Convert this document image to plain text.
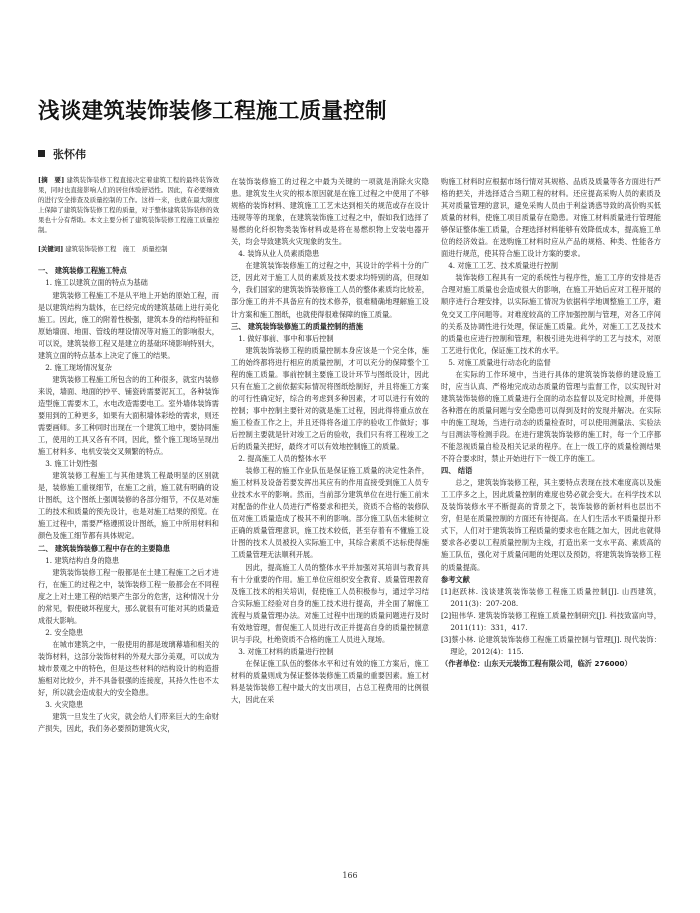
浅谈建筑装饰装修工程施工质量控制
张怀伟

[摘　要] 建筑装饰装修工程直接决定着建筑工程的最终装饰效果，同时也直接影响人们的居住体验舒适性。因此，有必要细致的进行安全排查及质量控制的工作。这样一来，也就在最大限度上保障了建筑装饰装修工程的质量，对于整体建筑装饰装修的效果也十分有帮助。本文主要分析了建筑装饰装修工程施工质量控制。

[关键词] 建筑装饰装修工程　施工　质量控制

一、 建筑装修工程施工特点

1. 施工以建筑立面的特点为基础

建筑装修工程施工不是从平地上开始的原始工程，而是以建筑结构为载体，在已经完成的建筑基础上进行美化施工。因此，施工的附着性极强，建筑本身的结构特征和原始墙面、地面、管线的埋设情况等对施工的影响很大，可以说，建筑装修工程又是建立的基础环境影响特别大，建筑立面的特点基本上决定了施工的结果。

2. 施工现场情况复杂

建筑装修工程施工所包含的的工种很多，就室内装修来说，墙面、地面的抄平、铺瓷砖需要泥瓦工，各种装饰造型施工需要木工，水电改造需要电工。室外墙体装饰需要用到的工种更多，如果有大面积墙体彩绘的需求，则还需要画师。多工种同时出现在一个建筑工地中，要协同施工，使用的工具又各有不同，因此，整个施工现场呈现出施工材料多、电机安装交叉频繁的特点。

3. 施工计划性强

建筑装修工程施工与其他建筑工程最明显的区别就是，装修施工重视细节，在施工之前，施工就有明确的设计图纸，这个图纸上强调装修的各部分细节，不仅是对施工的技术和质量的预先设计，也是对施工结果的预览。在施工过程中，需要严格遵照设计图纸，施工中所用材料和颜色及施工细节都有具体规定。

二、 建筑装饰装修工程中存在的主要隐患

1. 建筑结构自身的隐患

建筑装饰装修工程一般都是在土建工程施工之后才进行，在施工的过程之中，装饰装修工程一般都会在不同程度之上对土建工程的结果产生部分的危害，这种情况十分的常见，假使破坏程度大，那么就很有可能对其的质量造成很大影响。

2. 安全隐患

在城市建筑之中，一般使用的都是玻璃幕墙和相关的装饰材料，这部分装饰材料的外观大部分美观，可以成为城市景观之中的特色，但是这些材料的结构设计的构造措施相对比较少，并不具备很强的连接度，其持久性也不太好，所以就会造成很大的安全隐患。

3. 火灾隐患

建筑一旦发生了火灾，就会给人们带来巨大的生命财产损失，因此，我们务必要预防建筑火灾，

在装饰装修施工的过程之中最为关键的一项就是消除火灾隐患。建筑发生火灾的根本原因就是在施工过程之中使用了不够规格的装饰材料、建筑施工工艺未达到相关的规范或存在设计违规等等的现象，在建筑装饰施工过程之中，假如我们选择了易燃的化纤织物类装饰材料或是将在易燃织物上安装电器开关，均会导致建筑火灾现象的发生。

4. 装饰从业人员素质隐患

在建筑装饰装修施工的过程之中，其设计的学科十分的广泛，因此对于施工人员的素质及技术要求均特别的高，但现如今，我们国家的建筑装饰装修施工人员的整体素质均比较差，部分施工的并不具备应有的技术修养，很难精确地理解施工设计方案和施工图纸，也就使得很难保障的施工质量。

三、 建筑装饰装修施工的质量控制的措施

1. 做好事前、事中和事后控制

建筑装饰装修工程的质量控制本身应该是一个完全体，施工的始终都将进行相应的质量控制，才可以充分的保障整个工程的施工质量。事前控制主要施工设计环节与图纸设计，因此只有在施工之前依据实际情况将图纸绘制好，并且将施工方案的可行性确定好，综合的考虑到多种因素，才可以进行有效的控制；事中控制主要针对的就是施工过程，因此得将重点放在施工检查工作之上，并且还得将各道工序的验收工作做好；事后控制主要就是针对竣工之后的验收，我们只有将工程竣工之后的质量关把好，最终才可以有效地控制施工的质量。

2. 提高施工人员的整体水平

装修工程的施工作业队伍是保证施工质量的决定性条件，施工材料及设备若要发挥出其应有的作用直接受到施工人员专业技术水平的影响。然而，当前部分建筑单位在进行施工前未对配备的作业人员进行严格要求和把关，资质不合格的装修队伍对施工质量造成了极其不利的影响。部分施工队伍未能树立正确的质量管理意识，施工技术较低，甚至存着有不懂施工设计图的技术人员被投入实际施工中，其综合素质不达标使得施工质量管理无法顺利开展。

因此，提高施工人员的整体水平并加强对其培训与教育具有十分重要的作用。施工单位应组织安全教育、质量管理教育及施工技术的相关培训，促使施工人员积极参与，通过学习结合实际施工经验对自身的施工技术进行提高，并全面了解施工流程与质量管理办法。对施工过程中出现的质量问题进行及时有效地管理，督促施工人员进行改正并提高自身的质量控制意识与手段，杜绝资质不合格的施工人员进入现场。

3. 对施工材料的质量进行控制

在保证施工队伍的整体水平和过有效的施工方案后，施工材料的质量则成为保证整体装修施工质量的重要因素。施工材料是装饰装修工程中最大的支出项目，占总工程费用的比例很大，因此在采

购施工材料时应根据市场行情对其规格、品质及质量等各方面进行严格的把关，并选择适合当期工程的材料。还应提高采购人员的素质及其对质量管理的意识，避免采购人员由于利益诱惑导致的高价购买低质量的材料，使施工项目质量存在隐患。对施工材料质量进行管理能够保证整体施工质量，合理选择材料能够有效降低成本，提高施工单位的经济效益。在选购施工材料时应从产品的规格、种类、性能各方面进行规范，使其符合施工设计方案的要求。

4. 对施工工艺、技术质量进行控制

装饰装修工程具有一定的系统性与程序性，施工工序的安排是否合理对施工质量也会造成很大的影响，在施工开始后应对工程开展的顺序进行合理安排，以实际施工情况为依据科学地调整施工工序，避免交叉工序问题等。对难度较高的工序加强控制与管理，对各工序间的关系及协调性进行处理，保证施工质量。此外，对施工工艺及技术的质量也应进行控制和管理，积极引进先进科学的工艺与技术，对原工艺进行优化，保证施工技术的水平。

5. 对施工质量进行动态化的监督

在实际的工作环境中，当进行具体的建筑装饰装修的建设施工时，应当认真、严格地完成动态质量的管理与监督工作，以实现针对建筑装饰装修的施工质量进行全面的动态监督以及定时检测，并使得各种潜在的质量问题与安全隐患可以得到及时的发现并解决。在实际中的施工现场，当进行动态的质量检查时，可以使用测量法、实验法与目测法等检测手段。在进行建筑装饰装修的施工时，每一个工序都不能忽视质量自检及相关记录的程序。在上一级工序的质量检测结果不符合要求时，禁止开始进行下一级工序的施工。

四、 结语

总之，建筑装饰装修工程，其主要特点表现在技术难度高以及施工工序多之上，因此质量控制的难度也势必就会变大。在科学技术以及装饰装修水平不断提高的背景之下，装饰装修的新材料也层出不穷，但是在质量控制的方面还有待提高。在人们生活水平质量提升形式下，人们对于建筑装饰工程质量的要求也在随之加大，因此也就得要求各必要以工程质量控制为主线，打造出来一支水平高、素质高的施工队伍，强化对于质量问题的处理以及预防，将建筑装饰装修工程的质量提高。

参考文献

[1]赵跃林. 浅谈建筑装饰装修工程施工质量控制[J]. 山西建筑，2011(3)：207-208.

[2]钮伟华. 建筑装饰装修工程施工质量控制研究[J]. 科技致富向导，2011(11)：331，417.

[3]蔡小林. 论建筑装饰装修工程施工质量控制与管理[J]. 现代装饰：理论，2012(4)：115.

（作者单位：山东天元装饰工程有限公司，临沂 276000）

166
